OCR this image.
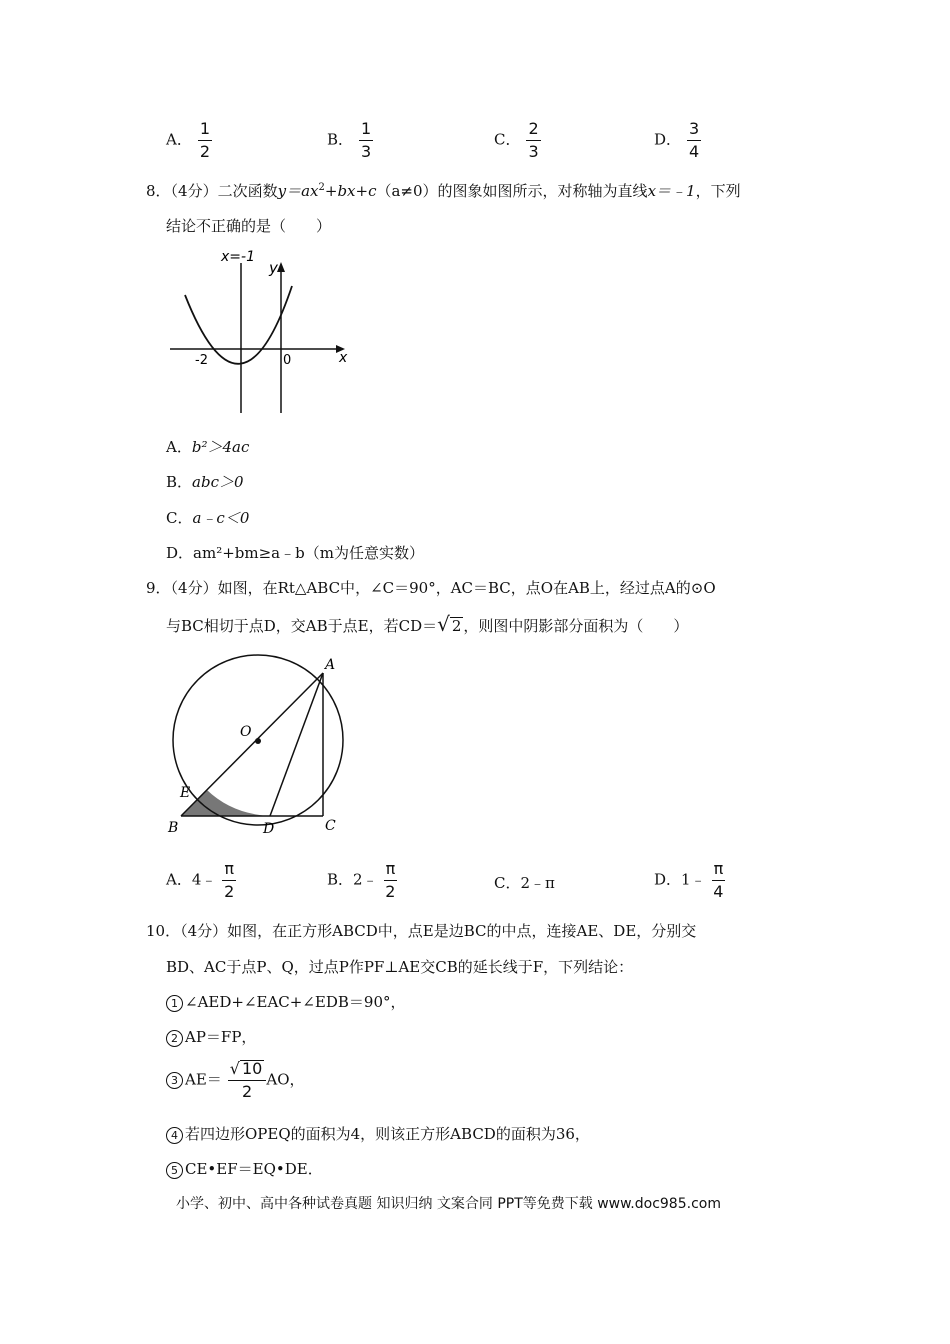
A． $\frac{1}{2}$	B． $\frac{1}{3}$	C． $\frac{2}{3}$	D． $\frac{3}{4}$
8．（4分）二次函数$y=ax^2+bx+c(a\ne 0)$的图象如图所示，对称轴为直线x＝﹣1，下列
结论不正确的是（　　）
x=-1
y
x
-2	0
A．b²＞4ac
B．abc＞0
C．a﹣c＜0
D．am²+bm≥a﹣b（m为任意实数）
9．（4分）如图，在Rt△ABC中，∠C＝90°，AC＝BC，点O在AB上，经过点A的⊙O
与BC相切于点D，交AB于点E，若CD＝√ 2 ，则图中阴影部分面积为（　　）
A
O
E
B	D	C
A．4﹣ $\frac{\pi}{2}$	B．2﹣ $\frac{\pi}{2}$	C．2﹣π	D．1﹣ $\frac{\pi}{4}$
10．（4分）如图，在正方形ABCD中，点E是边BC的中点，连接AE、DE，分别交
BD、AC于点P、Q，过点P作PF⊥AE交CB的延长线于F，下列结论：
1 ∠AED+∠EAC+∠EDB＝90°，
2 AP＝FP，
3 $AE= \frac{√ 10}{2}$ AO，
4 若四边形OPEQ的面积为4，则该正方形ABCD的面积为36，
5 CE•EF＝EQ•DE．
小学、初中、高中各种试卷真题 知识归纳 文案合同 PPT等免费下载 www.doc985.com
